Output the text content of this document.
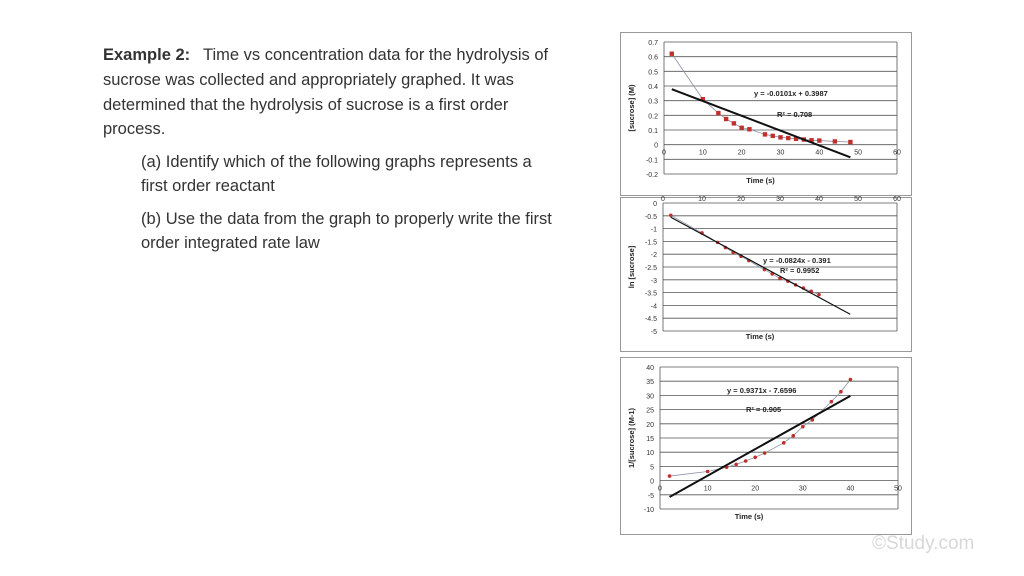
Example 2: Time vs concentration data for the hydrolysis of
sucrose was collected and appropriately graphed. It was
determined that the hydrolysis of sucrose is a first order
process.
(a) Identify which of the following graphs represents a
first order reactant
(b) Use the data from the graph to properly write the first
order integrated rate law
0.7
0.6
0.5
0.4
0.3
0.2
0.1
0
-0.1
-0.2
0	10	20	30	40	50	60
y = -0.0101x + 0.3987
R² = 0.708
Time (s)
[sucrose] (M)
0
-0.5
-1
-1.5
-2
-2.5
-3
-3.5
-4
-4.5
-5
0	10	20	30	40	50	60
y = -0.0824x - 0.391
R² = 0.9952
Time (s)
ln [sucrose]
40
35
30
25
20
15
10
5
0
-5
-10
0	10	20	30	40	50
y = 0.9371x - 7.6596
R² = 0.905
Time (s)
1/[sucrose] (M-1)
©Study.com
